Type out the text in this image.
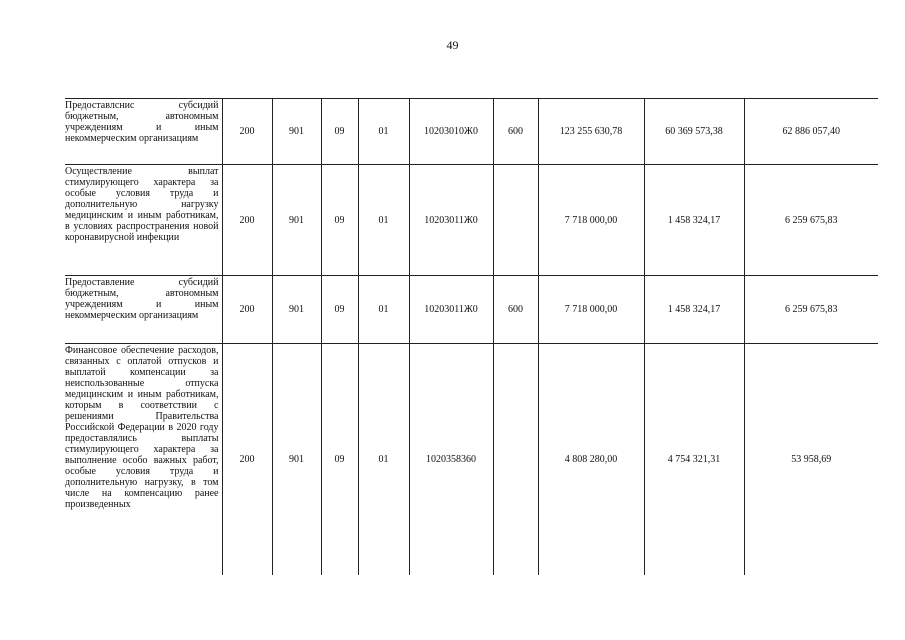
49
Предоставлснис субсидий бюджетным, автономным учреждениям и иным некоммерческим организациям	200	901	09	01	10203010Ж0	600	123 255 630,78	60 369 573,38	62 886 057,40

Осуществление выплат стимулирующего характера за особые условия труда и дополнительную нагрузку медицинским и иным работникам, в условиях распространения новой коронавирусной инфекции	200	901	09	01	10203011Ж0		7 718 000,00	1 458 324,17	6 259 675,83

Предоставление субсидий бюджетным, автономным учреждениям и иным некоммерческим организациям	200	901	09	01	10203011Ж0	600	7 718 000,00	1 458 324,17	6 259 675,83

Финансовое обеспечение расходов, связанных с оплатой отпусков и выплатой компенсации за неиспользованные отпуска медицинским и иным работникам, которым в соответствии с решениями Правительства Российской Федерации в 2020 году предоставлялись выплаты стимулирующего характера за выполнение особо важных работ, особые условия труда и дополнительную нагрузку, в том числе на компенсацию ранее произведенных	200	901	09	01	1020358360		4 808 280,00	4 754 321,31	53 958,69
